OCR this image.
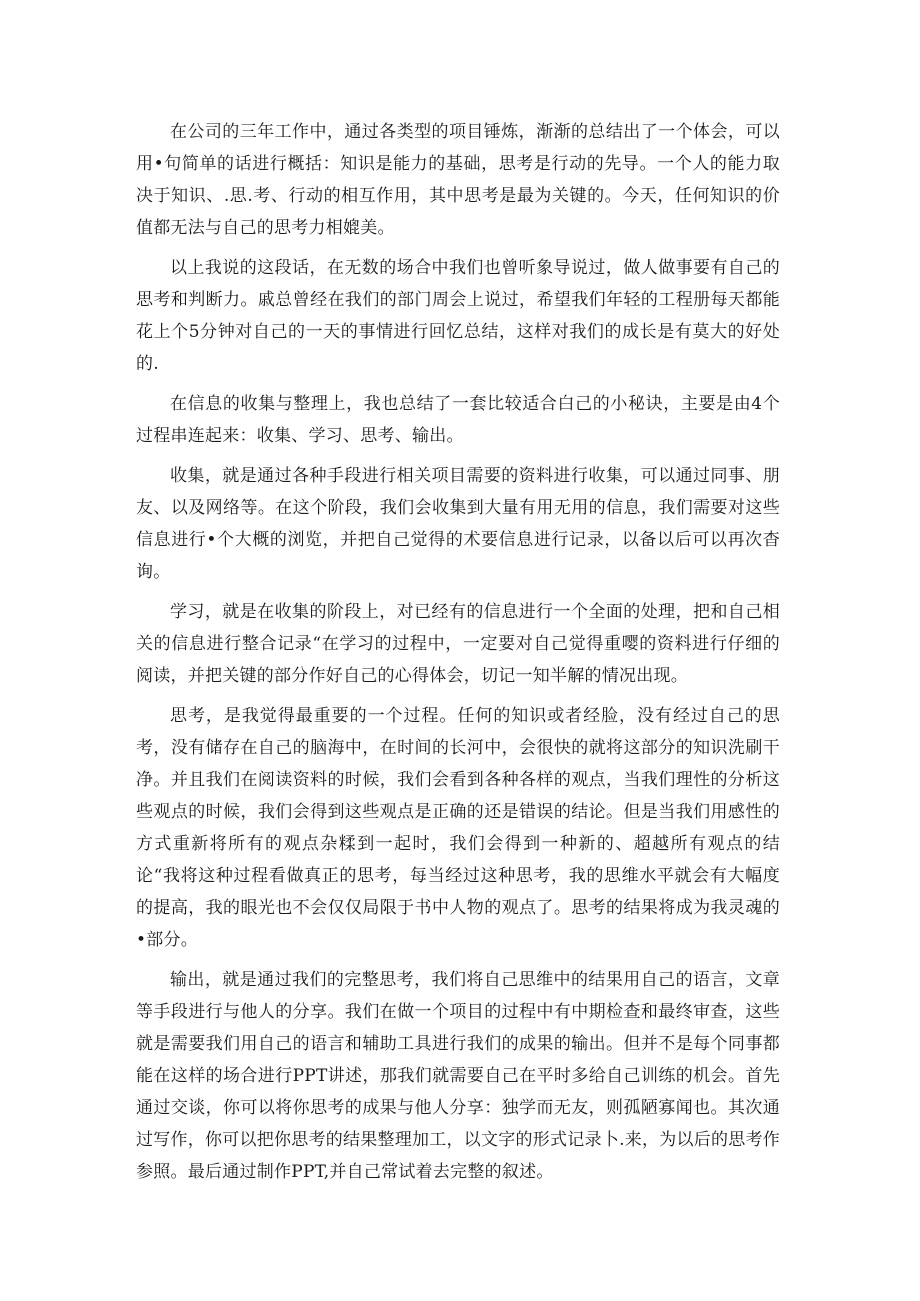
在公司的三年工作中，通过各类型的项目锤炼，渐渐的总结出了一个体会，可以用•句简单的话进行概括：知识是能力的基础，思考是行动的先导。一个人的能力取决于知识、.思.考、行动的相互作用，其中思考是最为关键的。今天，任何知识的价值都无法与自己的思考力相媲美。

以上我说的这段话，在无数的场合中我们也曾听象导说过，做人做事要有自己的思考和判断力。戚总曾经在我们的部门周会上说过，希望我们年轻的工程册每天都能花上个5分钟对自己的一天的事情进行回忆总结，这样对我们的成长是有莫大的好处的.

在信息的收集与整理上，我也总结了一套比较适合白己的小秘诀，主要是由4个过程串连起来：收集、学习、思考、输出。

收集，就是通过各种手段进行相关项目需要的资料进行收集，可以通过同事、朋友、以及网络等。在这个阶段，我们会收集到大量有用无用的信息，我们需要对这些信息进行•个大概的浏览，并把自己觉得的术要信息进行记录，以备以后可以再次杳询。

学习，就是在收集的阶段上，对已经有的信息进行一个全面的处理，把和自己相关的信息进行整合记录“在学习的过程中，一定要对自己觉得重嘤的资料进行仔细的阅读，并把关键的部分作好自己的心得体会，切记一知半解的情况出现。

思考，是我觉得最重要的一个过程。任何的知识或者经脸，没有经过自己的思考，没有储存在自己的脑海中，在时间的长河中，会很快的就将这部分的知识洗刷干净。并且我们在阅读资料的时候，我们会看到各种各样的观点，当我们理性的分析这些观点的时候，我们会得到这些观点是正确的还是错误的结论。但是当我们用感性的方式重新将所有的观点杂糅到一起时，我们会得到一种新的、超越所有观点的结论“我将这种过程看做真正的思考，每当经过这种思考，我的思维水平就会有大幅度的提高，我的眼光也不会仅仅局限于书中人物的观点了。思考的结果将成为我灵魂的•部分。

输出，就是通过我们的完整思考，我们将自己思维中的结果用自己的语言，文章等手段进行与他人的分享。我们在做一个项目的过程中有中期检查和最终审查，这些就是需要我们用自己的语言和辅助工具进行我们的成果的输出。但并不是每个同事都能在这样的场合进行PPT讲述，那我们就需要自己在平时多给自己训练的机会。首先通过交谈，你可以将你思考的成果与他人分享：独学而无友，则孤陋寡闻也。其次通过写作，你可以把你思考的结果整理加工，以文字的形式记录卜.来，为以后的思考作参照。最后通过制作PPT,并自己常试着去完整的叙述。
